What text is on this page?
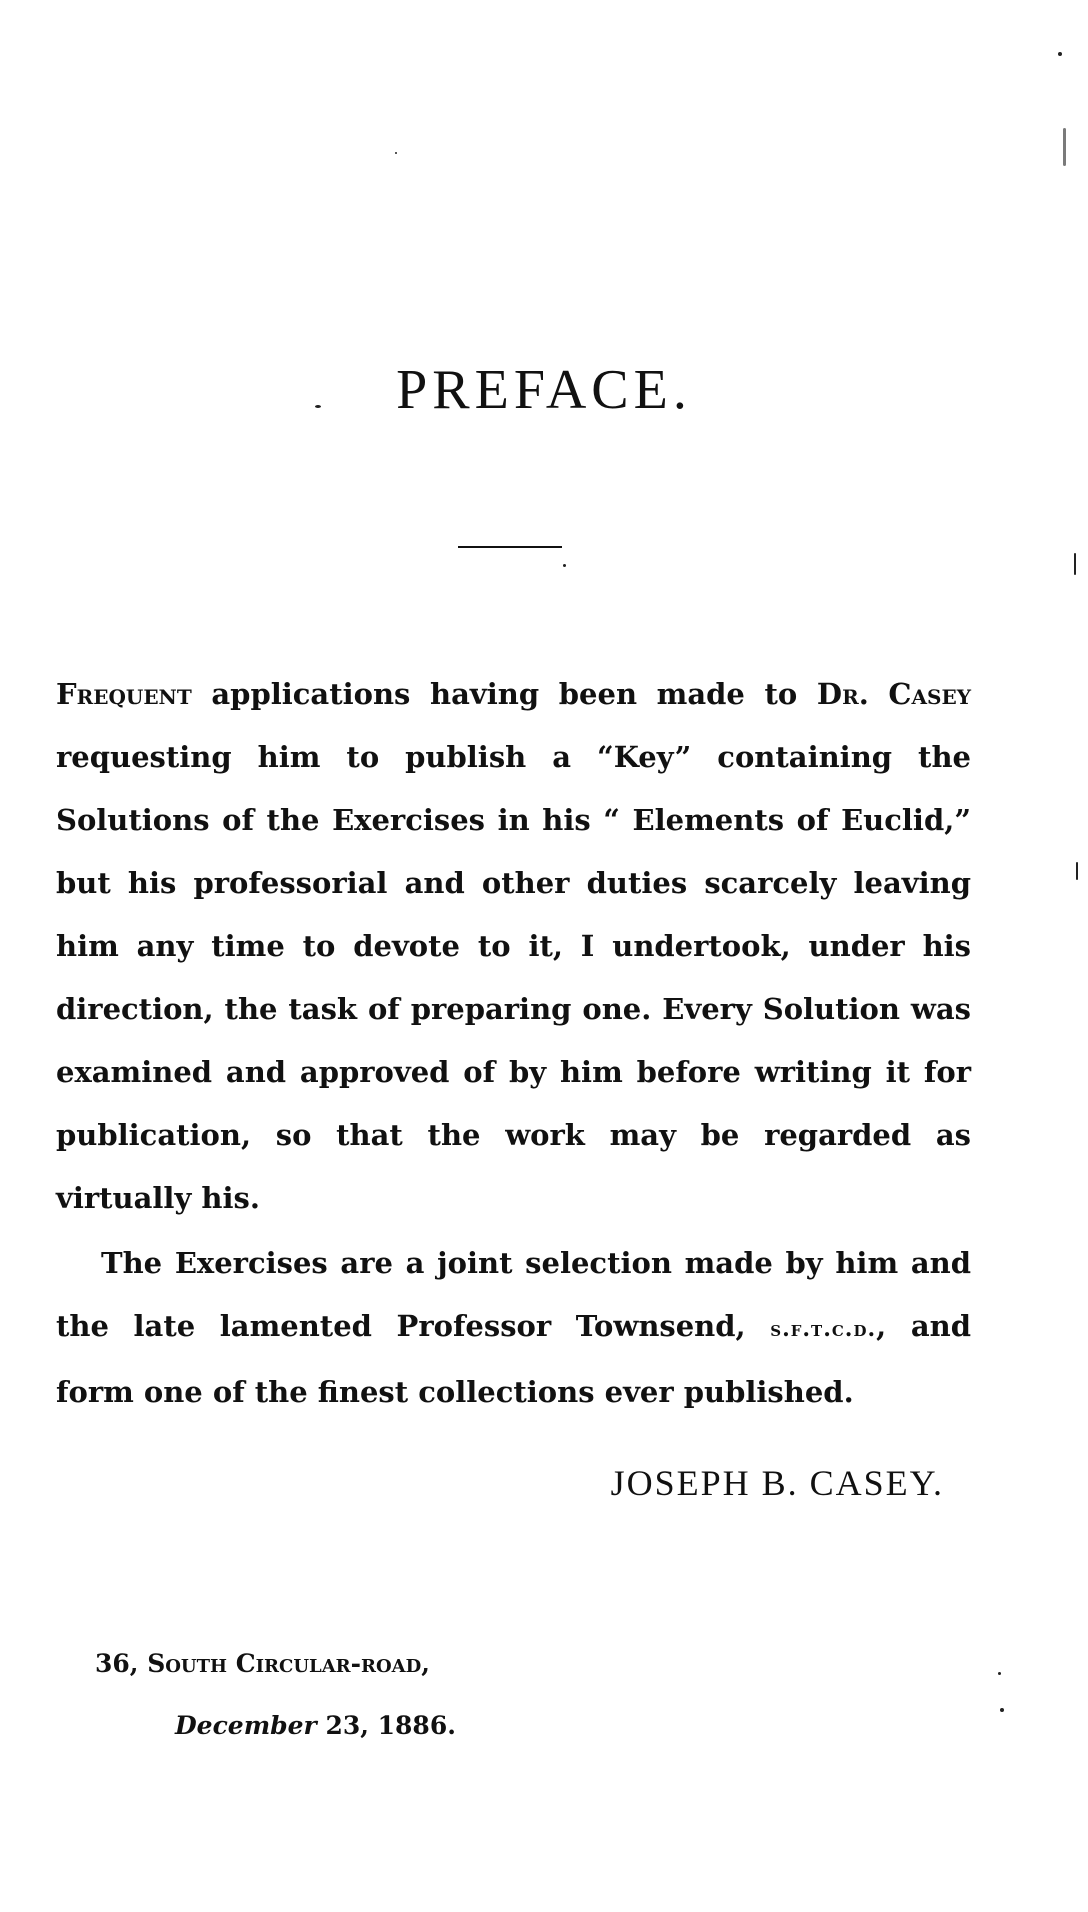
PREFACE.

Frequent applications having been made to Dr. Casey requesting him to publish a “Key” containing the Solutions of the Exercises in his “ Elements of Euclid,” but his professorial and other duties scarcely leaving him any time to devote to it, I undertook, under his direction, the task of preparing one. Every Solution was examined and approved of by him before writing it for publication, so that the work may be regarded as virtually his.

The Exercises are a joint selection made by him and the late lamented Professor Townsend, s.f.t.c.d., and form one of the finest collections ever published.

JOSEPH B. CASEY.

36, South Circular-road,
December 23, 1886.
